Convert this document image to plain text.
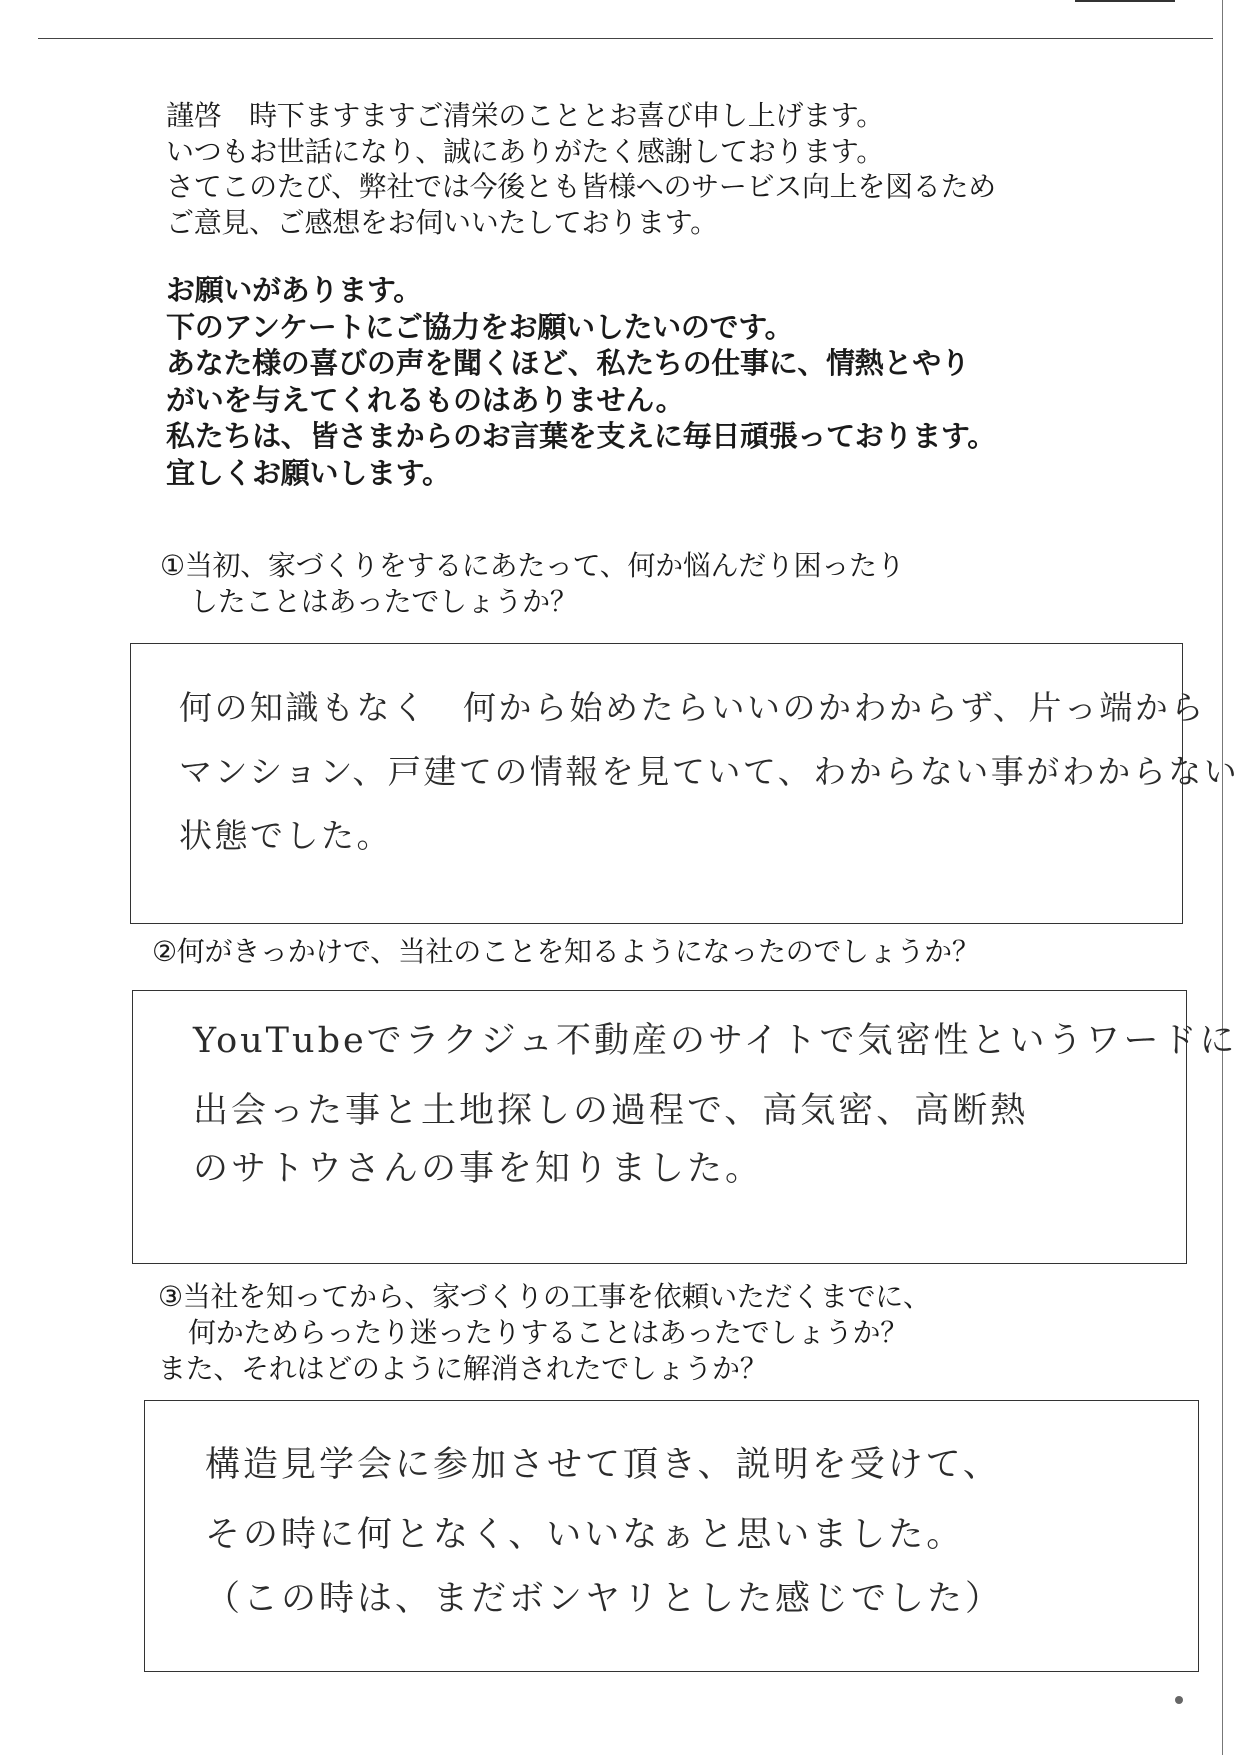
謹啓　時下ますますご清栄のこととお喜び申し上げます。
いつもお世話になり、誠にありがたく感謝しております。
さてこのたび、弊社では今後とも皆様へのサービス向上を図るため
ご意見、ご感想をお伺いいたしております。
お願いがあります。
下のアンケートにご協力をお願いしたいのです。
あなた様の喜びの声を聞くほど、私たちの仕事に、情熱とやり
がいを与えてくれるものはありません。
私たちは、皆さまからのお言葉を支えに毎日頑張っております。
宜しくお願いします。
①当初、家づくりをするにあたって、何か悩んだり困ったり
したことはあったでしょうか？
何の知識もなく　何から始めたらいいのかわからず、片っ端から
マンション、戸建ての情報を見ていて、わからない事がわからない
状態でした。
②何がきっかけで、当社のことを知るようになったのでしょうか？
YouTubeでラクジュ不動産のサイトで気密性というワードに
出会った事と土地探しの過程で、高気密、高断熱
のサトウさんの事を知りました。
③当社を知ってから、家づくりの工事を依頼いただくまでに、
何かためらったり迷ったりすることはあったでしょうか？
また、それはどのように解消されたでしょうか？
構造見学会に参加させて頂き、説明を受けて、
その時に何となく、いいなぁと思いました。
（この時は、まだボンヤリとした感じでした）
